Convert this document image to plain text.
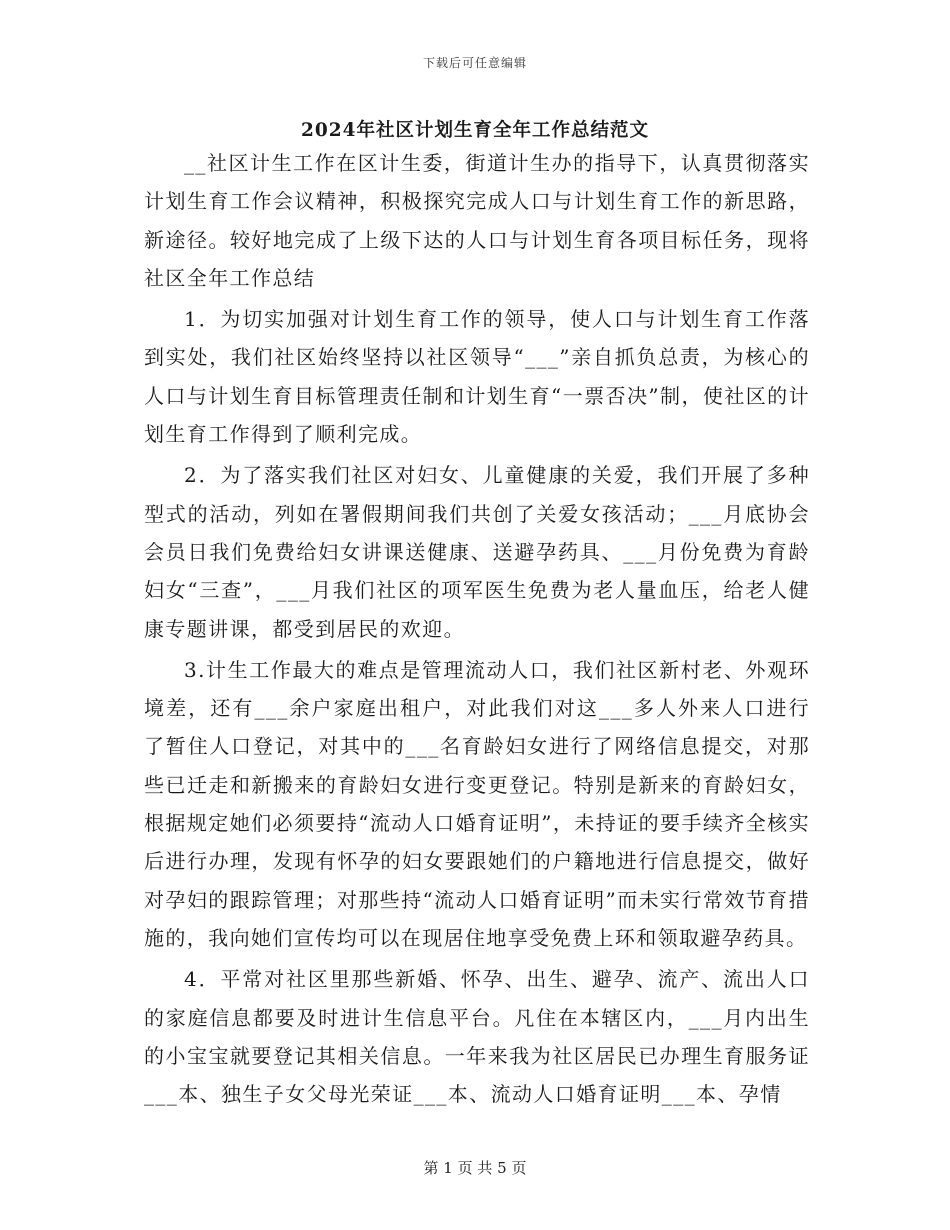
下载后可任意编辑
2024年社区计划生育全年工作总结范文

__社区计生工作在区计生委，街道计生办的指导下，认真贯彻落实计划生育工作会议精神，积极探究完成人口与计划生育工作的新思路，新途径。较好地完成了上级下达的人口与计划生育各项目标任务，现将社区全年工作总结

1．为切实加强对计划生育工作的领导，使人口与计划生育工作落到实处，我们社区始终坚持以社区领导“___”亲自抓负总责，为核心的人口与计划生育目标管理责任制和计划生育“一票否决”制，使社区的计划生育工作得到了顺利完成。

2．为了落实我们社区对妇女、儿童健康的关爱，我们开展了多种型式的活动，列如在署假期间我们共创了关爱女孩活动；___月底协会会员日我们免费给妇女讲课送健康、送避孕药具、___月份免费为育龄妇女“三查”，___月我们社区的项军医生免费为老人量血压，给老人健康专题讲课，都受到居民的欢迎。

3.计生工作最大的难点是管理流动人口，我们社区新村老、外观环境差，还有___余户家庭出租户，对此我们对这___多人外来人口进行了暂住人口登记，对其中的___名育龄妇女进行了网络信息提交，对那些已迁走和新搬来的育龄妇女进行变更登记。特别是新来的育龄妇女，根据规定她们必须要持“流动人口婚育证明”，未持证的要手续齐全核实后进行办理，发现有怀孕的妇女要跟她们的户籍地进行信息提交，做好对孕妇的跟踪管理；对那些持“流动人口婚育证明”而未实行常效节育措施的，我向她们宣传均可以在现居住地享受免费上环和领取避孕药具。

4．平常对社区里那些新婚、怀孕、出生、避孕、流产、流出人口的家庭信息都要及时进计生信息平台。凡住在本辖区内，___月内出生的小宝宝就要登记其相关信息。一年来我为社区居民已办理生育服务证___本、独生子女父母光荣证___本、流动人口婚育证明___本、孕情

第 1 页 共 5 页
